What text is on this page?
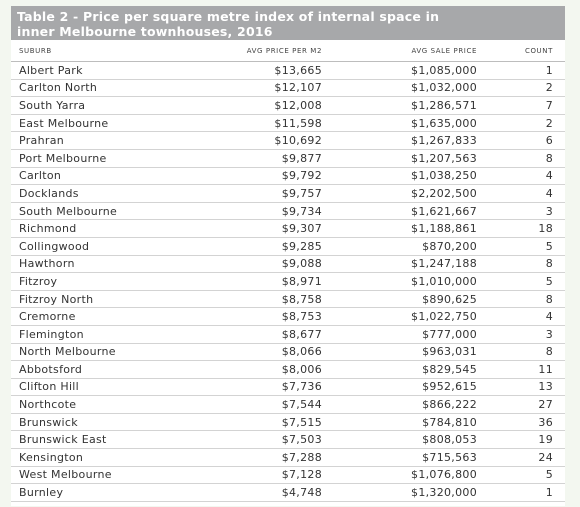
Table 2 - Price per square metre index of internal space in
inner Melbourne townhouses, 2016
SUBURB	AVG PRICE PER M2	AVG SALE PRICE	COUNT
Albert Park	$13,665	$1,085,000	1
Carlton North	$12,107	$1,032,000	2
South Yarra	$12,008	$1,286,571	7
East Melbourne	$11,598	$1,635,000	2
Prahran	$10,692	$1,267,833	6
Port Melbourne	$9,877	$1,207,563	8
Carlton	$9,792	$1,038,250	4
Docklands	$9,757	$2,202,500	4
South Melbourne	$9,734	$1,621,667	3
Richmond	$9,307	$1,188,861	18
Collingwood	$9,285	$870,200	5
Hawthorn	$9,088	$1,247,188	8
Fitzroy	$8,971	$1,010,000	5
Fitzroy North	$8,758	$890,625	8
Cremorne	$8,753	$1,022,750	4
Flemington	$8,677	$777,000	3
North Melbourne	$8,066	$963,031	8
Abbotsford	$8,006	$829,545	11
Clifton Hill	$7,736	$952,615	13
Northcote	$7,544	$866,222	27
Brunswick	$7,515	$784,810	36
Brunswick East	$7,503	$808,053	19
Kensington	$7,288	$715,563	24
West Melbourne	$7,128	$1,076,800	5
Burnley	$4,748	$1,320,000	1
